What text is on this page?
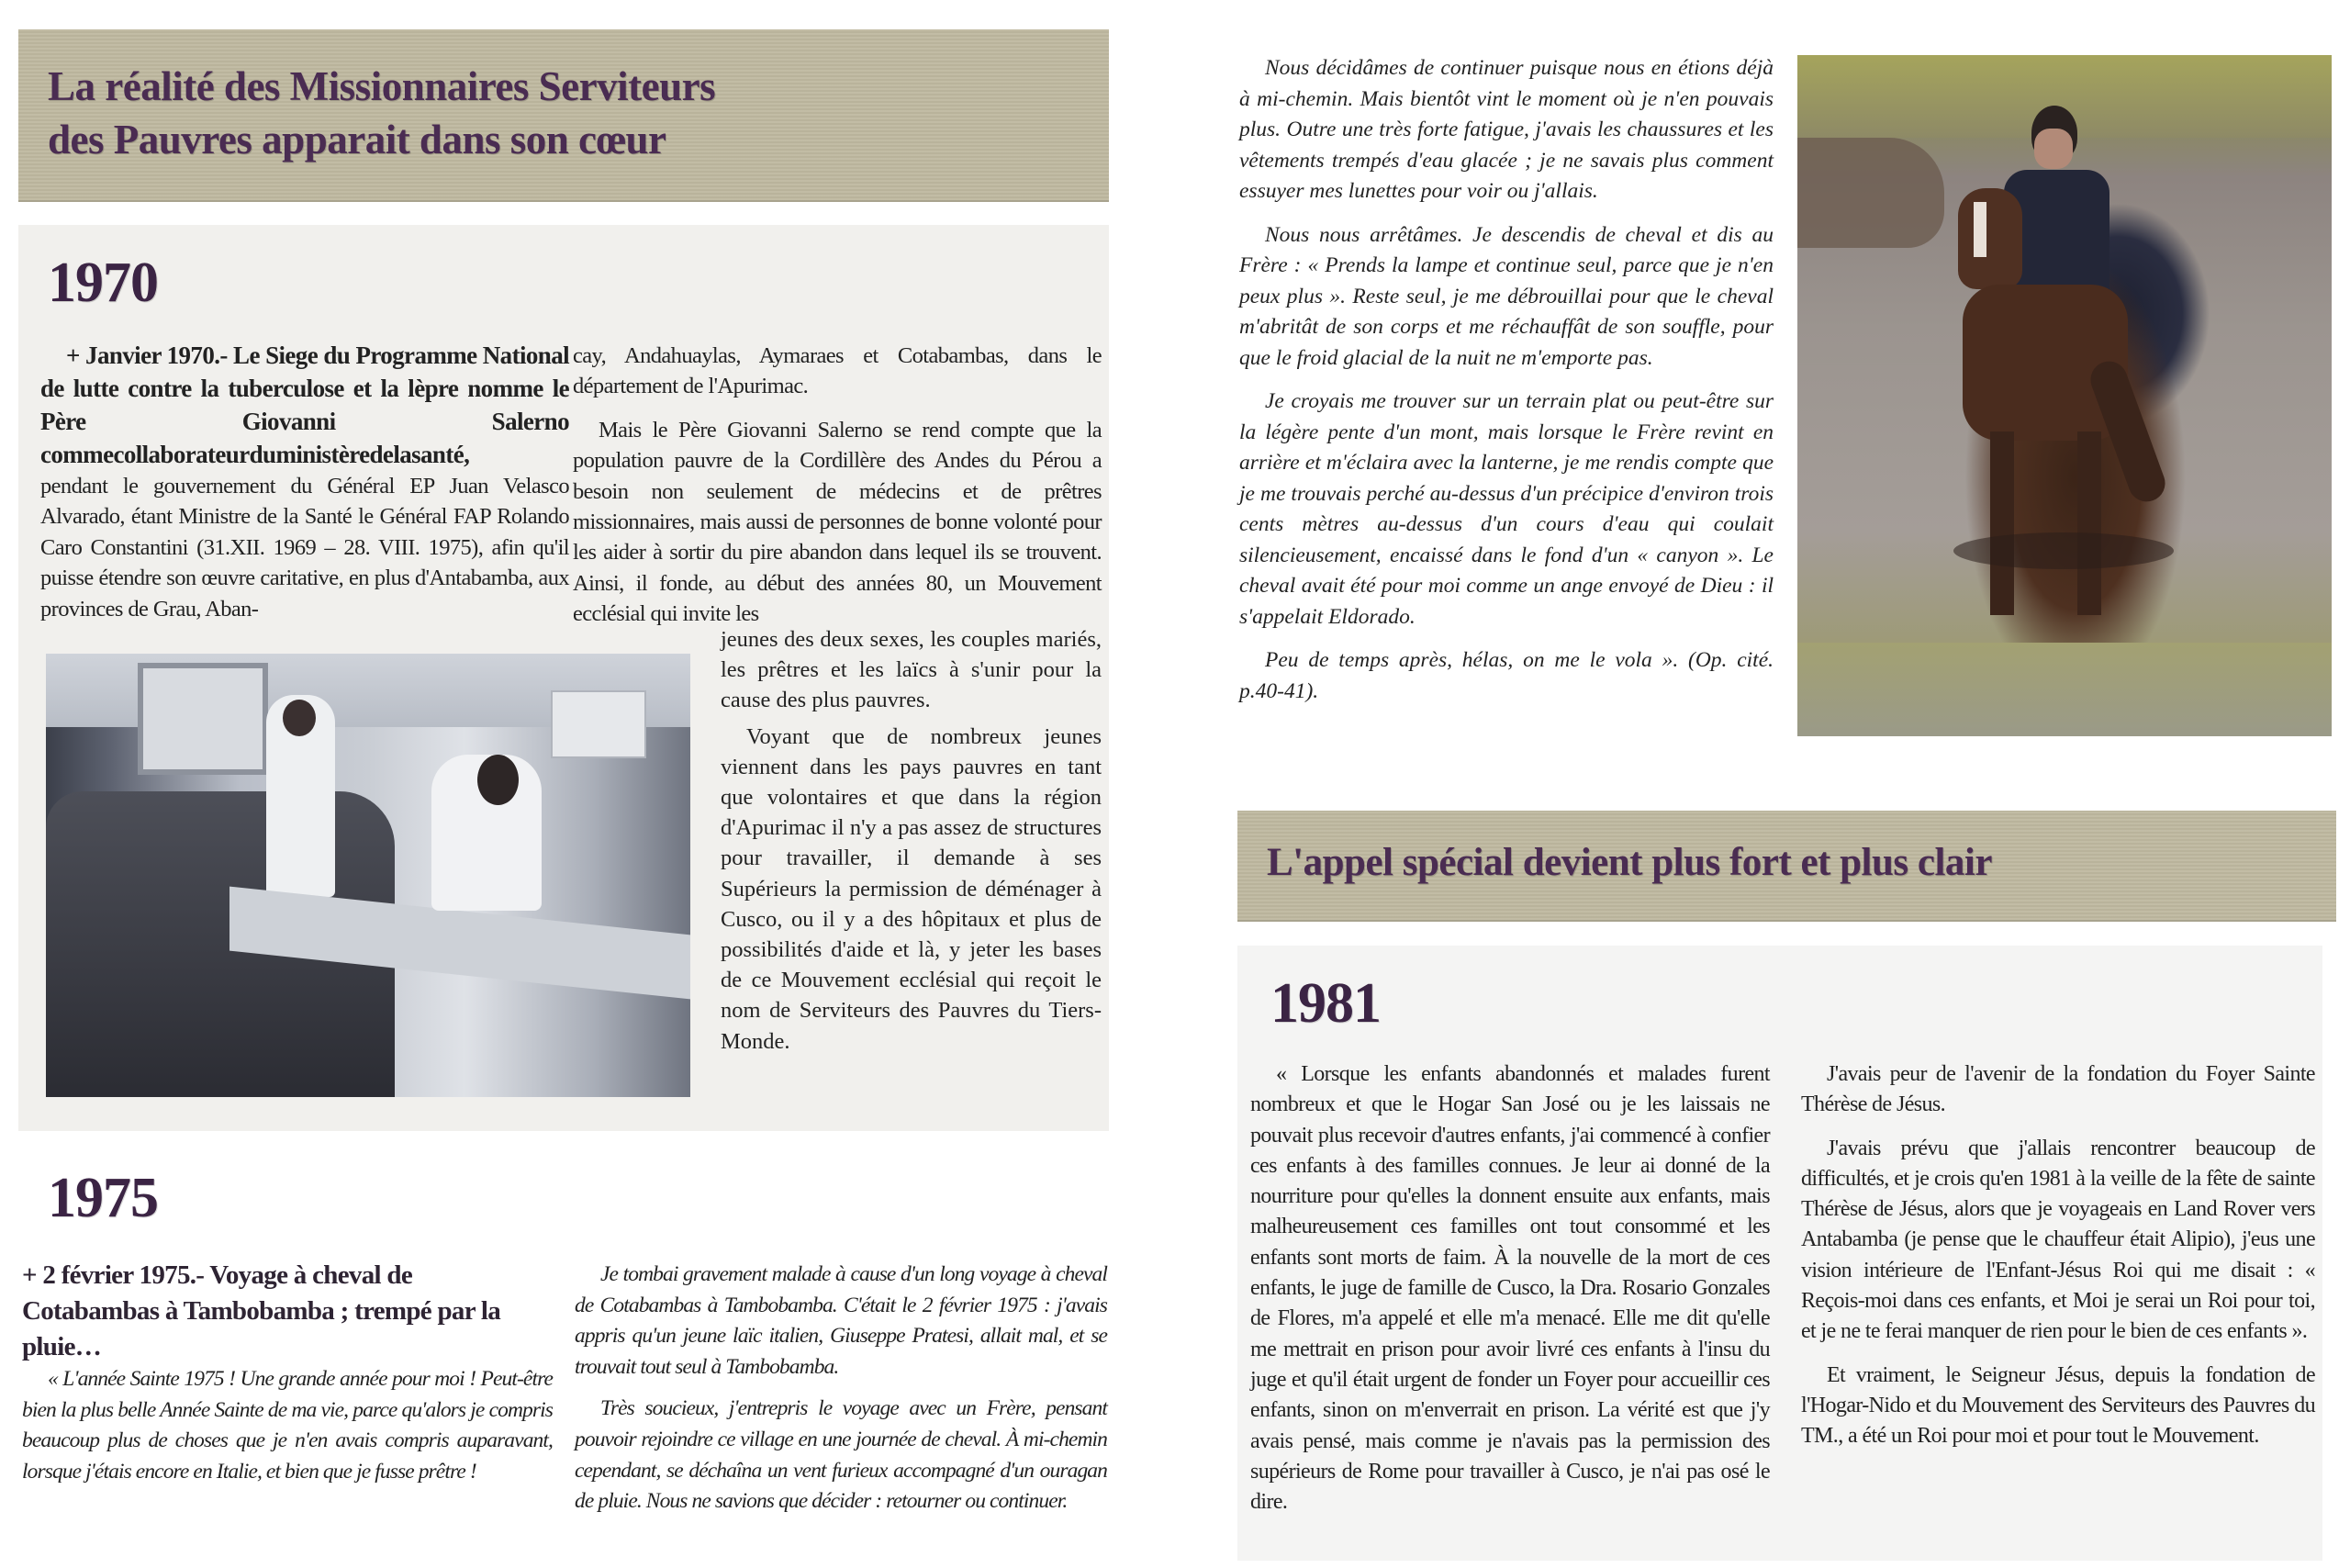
La réalité des Missionnaires Serviteurs
des Pauvres apparait dans son cœur
1970

+ Janvier 1970.- Le Siege du Programme National de lutte contre la tuberculose et la lèpre nomme le Père Giovanni Salerno commecollaborateurduministèredelasanté,

pendant le gouvernement du Général EP Juan Velasco Alvarado, étant Ministre de la Santé le Général FAP Rolando Caro Constantini (31.XII. 1969 – 28. VIII. 1975), afin qu'il puisse étendre son œuvre caritative, en plus d'Antabamba, aux provinces de Grau, Aban-

cay, Andahuaylas, Aymaraes et Cotabambas, dans le département de l'Apurimac.

Mais le Père Giovanni Salerno se rend compte que la population pauvre de la Cordillère des Andes du Pérou a besoin non seulement de médecins et de prêtres missionnaires, mais aussi de personnes de bonne volonté pour les aider à sortir du pire abandon dans lequel ils se trouvent. Ainsi, il fonde, au début des années 80, un Mouvement ecclésial qui invite les

jeunes des deux sexes, les couples mariés, les prêtres et les laïcs à s'unir pour la cause des plus pauvres.

Voyant que de nombreux jeunes viennent dans les pays pauvres en tant que volontaires et que dans la région d'Apurimac il n'y a pas assez de structures pour travailler, il demande à ses Supérieurs la permission de déménager à Cusco, ou il y a des hôpitaux et plus de possibilités d'aide et là, y jeter les bases de ce Mouvement ecclésial qui reçoit le nom de Serviteurs des Pauvres du Tiers-Monde.

1975
+ 2 février 1975.- Voyage à cheval de Cotabambas à Tambobamba ; trempé par la pluie…

« L'année Sainte 1975 ! Une grande année pour moi ! Peut-être bien la plus belle Année Sainte de ma vie, parce qu'alors je compris beaucoup plus de choses que je n'en avais compris auparavant, lorsque j'étais encore en Italie, et bien que je fusse prêtre !

Je tombai gravement malade à cause d'un long voyage à cheval de Cotabambas à Tambobamba. C'était le 2 février 1975 : j'avais appris qu'un jeune laïc italien, Giuseppe Pratesi, allait mal, et se trouvait tout seul à Tambobamba.

Très soucieux, j'entrepris le voyage avec un Frère, pensant pouvoir rejoindre ce village en une journée de cheval. À mi-chemin cependant, se déchaîna un vent furieux accompagné d'un ouragan de pluie. Nous ne savions que décider : retourner ou continuer.

Nous décidâmes de continuer puisque nous en étions déjà à mi-chemin. Mais bientôt vint le moment où je n'en pouvais plus. Outre une très forte fatigue, j'avais les chaussures et les vêtements trempés d'eau glacée ; je ne savais plus comment essuyer mes lunettes pour voir ou j'allais.

Nous nous arrêtâmes. Je descendis de cheval et dis au Frère : « Prends la lampe et continue seul, parce que je n'en peux plus ». Reste seul, je me débrouillai pour que le cheval m'abritât de son corps et me réchauffât de son souffle, pour que le froid glacial de la nuit ne m'emporte pas.

Je croyais me trouver sur un terrain plat ou peut-être sur la légère pente d'un mont, mais lorsque le Frère revint en arrière et m'éclaira avec la lanterne, je me rendis compte que je me trouvais perché au-dessus d'un précipice d'environ trois cents mètres au-dessus d'un cours d'eau qui coulait silencieusement, encaissé dans le fond d'un « canyon ». Le cheval avait été pour moi comme un ange envoyé de Dieu : il s'appelait Eldorado.

Peu de temps après, hélas, on me le vola ». (Op. cité. p.40-41).

L'appel spécial devient plus fort et plus clair
1981

« Lorsque les enfants abandonnés et malades furent nombreux et que le Hogar San José ou je les laissais ne pouvait plus recevoir d'autres enfants, j'ai commencé à confier ces enfants à des familles connues. Je leur ai donné de la nourriture pour qu'elles la donnent ensuite aux enfants, mais malheureusement ces familles ont tout consommé et les enfants sont morts de faim. À la nouvelle de la mort de ces enfants, le juge de famille de Cusco, la Dra. Rosario Gonzales de Flores, m'a appelé et elle m'a menacé. Elle me dit qu'elle me mettrait en prison pour avoir livré ces enfants à l'insu du juge et qu'il était urgent de fonder un Foyer pour accueillir ces enfants, sinon on m'enverrait en prison. La vérité est que j'y avais pensé, mais comme je n'avais pas la permission des supérieurs de Rome pour travailler à Cusco, je n'ai pas osé le dire.

J'avais peur de l'avenir de la fondation du Foyer Sainte Thérèse de Jésus.

J'avais prévu que j'allais rencontrer beaucoup de difficultés, et je crois qu'en 1981 à la veille de la fête de sainte Thérèse de Jésus, alors que je voyageais en Land Rover vers Antabamba (je pense que le chauffeur était Alipio), j'eus une vision intérieure de l'Enfant-Jésus Roi qui me disait : « Reçois-moi dans ces enfants, et Moi je serai un Roi pour toi, et je ne te ferai manquer de rien pour le bien de ces enfants ».

Et vraiment, le Seigneur Jésus, depuis la fondation de l'Hogar-Nido et du Mouvement des Serviteurs des Pauvres du TM., a été un Roi pour moi et pour tout le Mouvement.
